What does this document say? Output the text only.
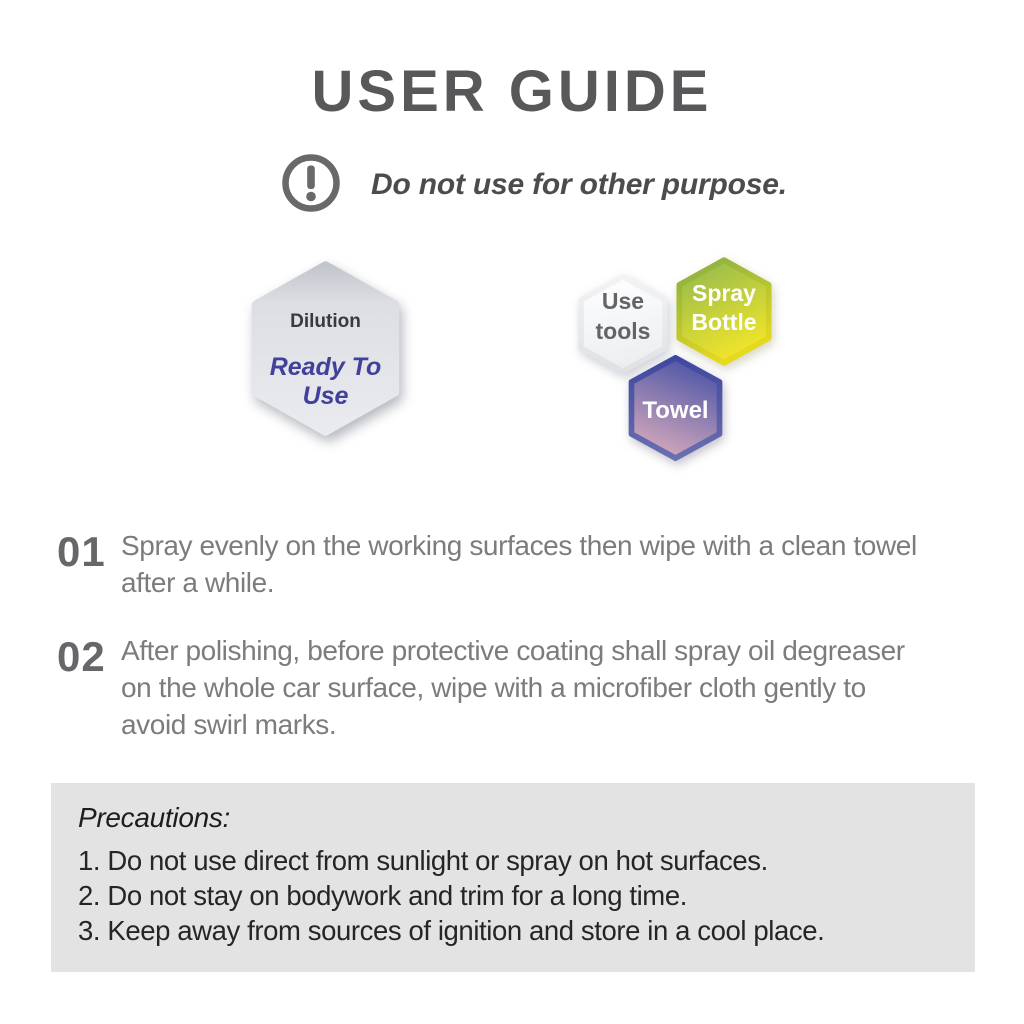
USER GUIDE
Do not use for other purpose.
Dilution
Ready To Use
Use
tools
Spray
Bottle
Towel
01 Spray evenly on the working surfaces then wipe with a clean towel
after a while.
02 After polishing, before protective coating shall spray oil degreaser
on the whole car surface, wipe with a microfiber cloth gently to
avoid swirl marks.
Precautions:
1. Do not use direct from sunlight or spray on hot surfaces.
2. Do not stay on bodywork and trim for a long time.
3. Keep away from sources of ignition and store in a cool place.
